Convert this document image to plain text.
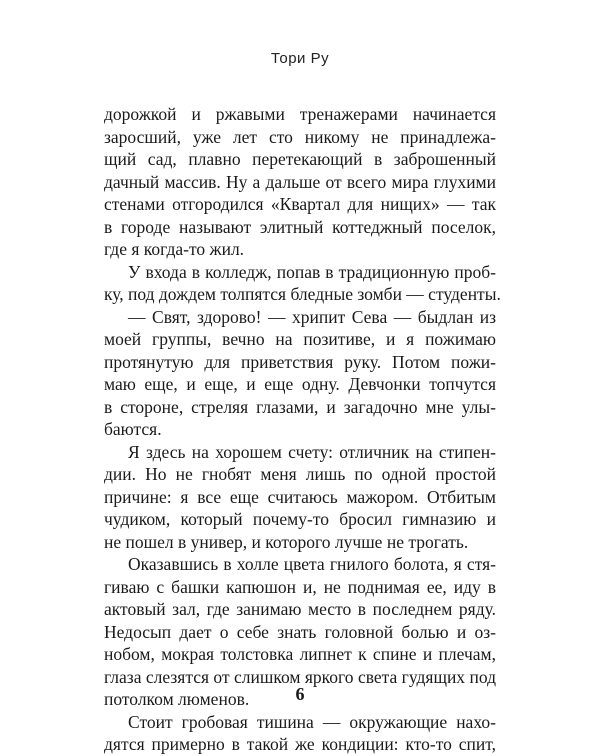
Тори Ру
дорожкой и ржавыми тренажерами начинается
заросший, уже лет сто никому не принадлежа-
щий сад, плавно перетекающий в заброшенный
дачный массив. Ну а дальше от всего мира глухими
стенами отгородился «Квартал для нищих» — так
в городе называют элитный коттеджный поселок,
где я когда-то жил.
У входа в колледж, попав в традиционную проб-
ку, под дождем толпятся бледные зомби — студенты.
— Свят, здорово! — хрипит Сева — быдлан из
моей группы, вечно на позитиве, и я пожимаю
протянутую для приветствия руку. Потом пожи-
маю еще, и еще, и еще одну. Девчонки топчутся
в стороне, стреляя глазами, и загадочно мне улы-
баются.
Я здесь на хорошем счету: отличник на стипен-
дии. Но не гнобят меня лишь по одной простой
причине: я все еще считаюсь мажором. Отбитым
чудиком, который почему-то бросил гимназию и
не пошел в универ, и которого лучше не трогать.
Оказавшись в холле цвета гнилого болота, я стя-
гиваю с башки капюшон и, не поднимая ее, иду в
актовый зал, где занимаю место в последнем ряду.
Недосып дает о себе знать головной болью и оз-
нобом, мокрая толстовка липнет к спине и плечам,
глаза слезятся от слишком яркого света гудящих под
потолком люменов.
Стоит гробовая тишина — окружающие нахо-
дятся примерно в такой же кондиции: кто-то спит,
6
